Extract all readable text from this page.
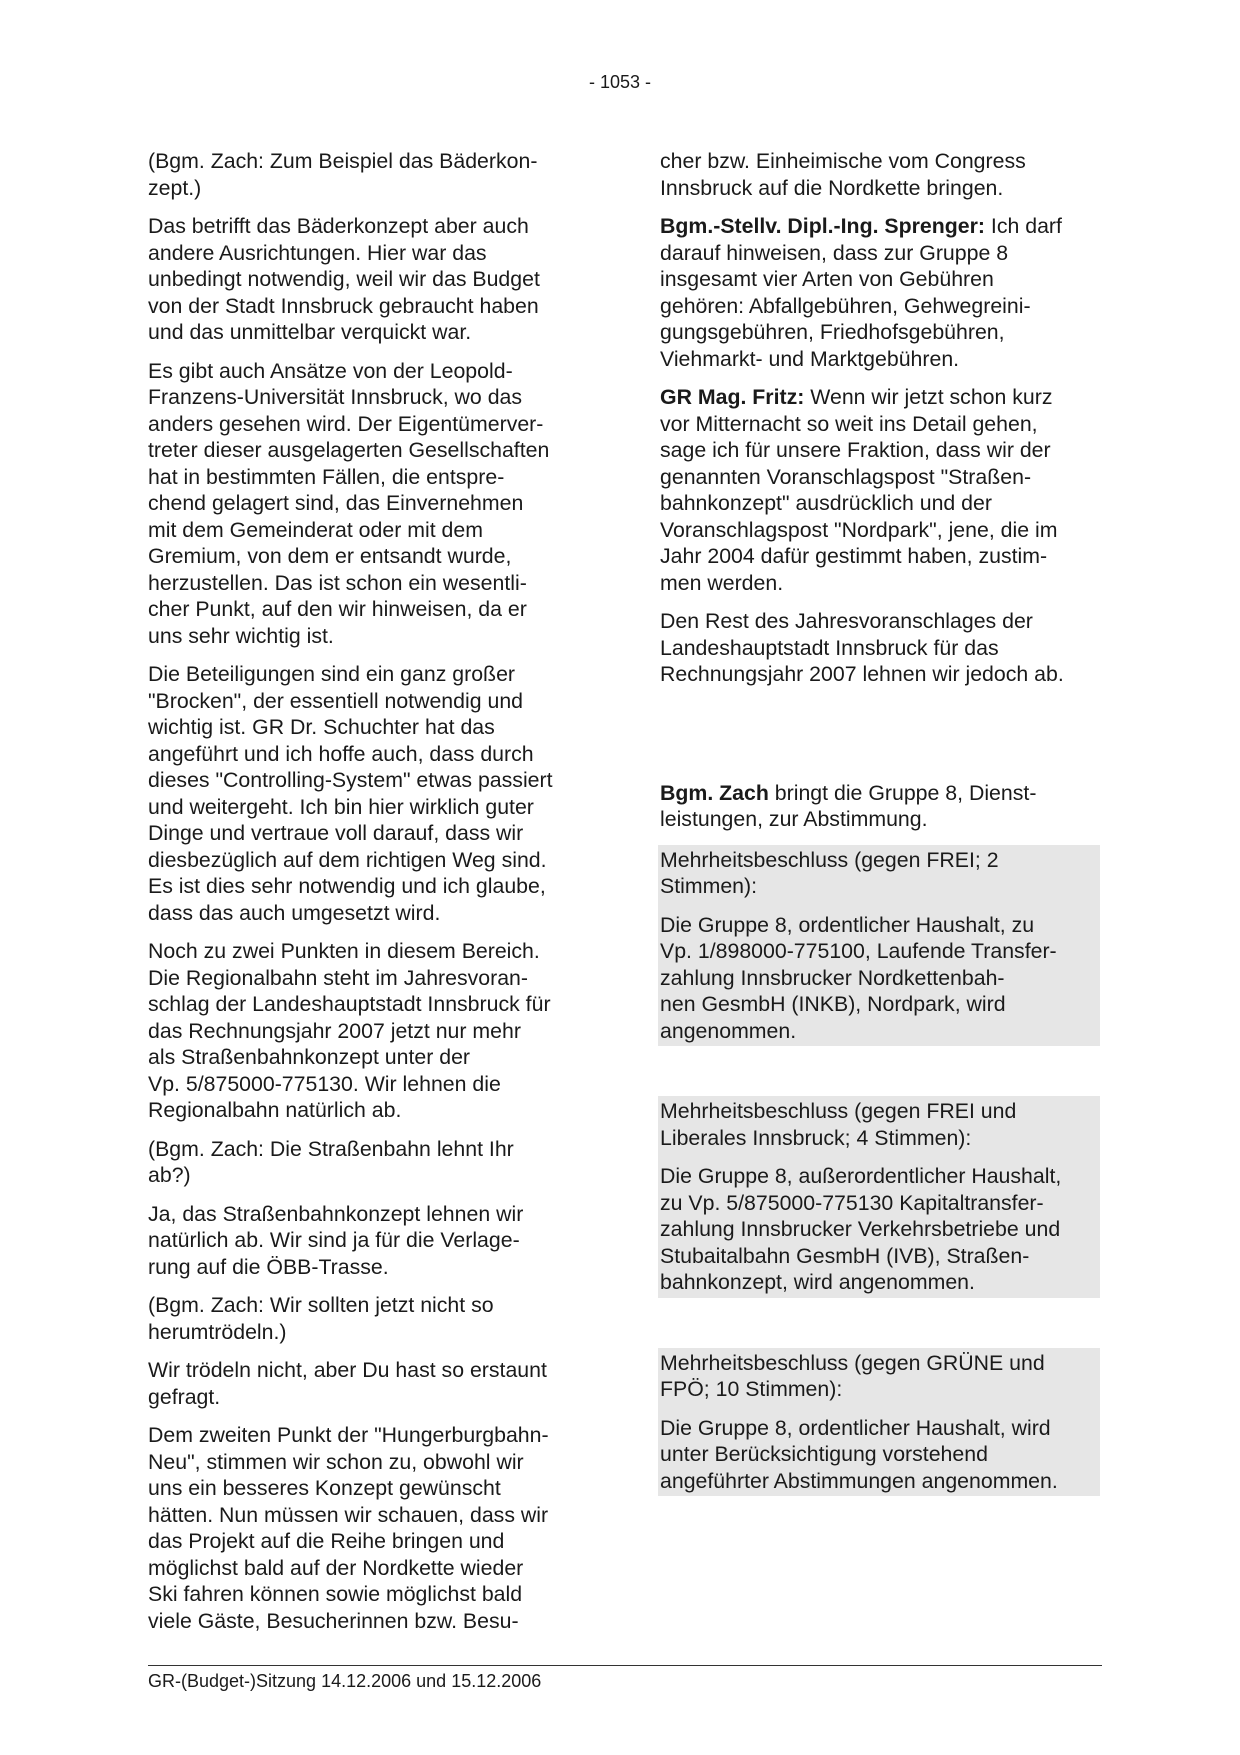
- 1053 -

(Bgm. Zach: Zum Beispiel das Bäderkon-
zept.)

Das betrifft das Bäderkonzept aber auch
andere Ausrichtungen. Hier war das
unbedingt notwendig, weil wir das Budget
von der Stadt Innsbruck gebraucht haben
und das unmittelbar verquickt war.

Es gibt auch Ansätze von der Leopold-
Franzens-Universität Innsbruck, wo das
anders gesehen wird. Der Eigentümerver-
treter dieser ausgelagerten Gesellschaften
hat in bestimmten Fällen, die entspre-
chend gelagert sind, das Einvernehmen
mit dem Gemeinderat oder mit dem
Gremium, von dem er entsandt wurde,
herzustellen. Das ist schon ein wesentli-
cher Punkt, auf den wir hinweisen, da er
uns sehr wichtig ist.

Die Beteiligungen sind ein ganz großer
"Brocken", der essentiell notwendig und
wichtig ist. GR Dr. Schuchter hat das
angeführt und ich hoffe auch, dass durch
dieses "Controlling-System" etwas passiert
und weitergeht. Ich bin hier wirklich guter
Dinge und vertraue voll darauf, dass wir
diesbezüglich auf dem richtigen Weg sind.
Es ist dies sehr notwendig und ich glaube,
dass das auch umgesetzt wird.

Noch zu zwei Punkten in diesem Bereich.
Die Regionalbahn steht im Jahresvoran-
schlag der Landeshauptstadt Innsbruck für
das Rechnungsjahr 2007 jetzt nur mehr
als Straßenbahnkonzept unter der
Vp. 5/875000-775130. Wir lehnen die
Regionalbahn natürlich ab.

(Bgm. Zach: Die Straßenbahn lehnt Ihr
ab?)

Ja, das Straßenbahnkonzept lehnen wir
natürlich ab. Wir sind ja für die Verlage-
rung auf die ÖBB-Trasse.

(Bgm. Zach: Wir sollten jetzt nicht so
herumtrödeln.)

Wir trödeln nicht, aber Du hast so erstaunt
gefragt.

Dem zweiten Punkt der "Hungerburgbahn-
Neu", stimmen wir schon zu, obwohl wir
uns ein besseres Konzept gewünscht
hätten. Nun müssen wir schauen, dass wir
das Projekt auf die Reihe bringen und
möglichst bald auf der Nordkette wieder
Ski fahren können sowie möglichst bald
viele Gäste, Besucherinnen bzw. Besu-

cher bzw. Einheimische vom Congress
Innsbruck auf die Nordkette bringen.

Bgm.-Stellv. Dipl.-Ing. Sprenger: Ich darf
darauf hinweisen, dass zur Gruppe 8
insgesamt vier Arten von Gebühren
gehören: Abfallgebühren, Gehwegreini-
gungsgebühren, Friedhofsgebühren,
Viehmarkt- und Marktgebühren.

GR Mag. Fritz: Wenn wir jetzt schon kurz
vor Mitternacht so weit ins Detail gehen,
sage ich für unsere Fraktion, dass wir der
genannten Voranschlagspost "Straßen-
bahnkonzept" ausdrücklich und der
Voranschlagspost "Nordpark", jene, die im
Jahr 2004 dafür gestimmt haben, zustim-
men werden.

Den Rest des Jahresvoranschlages der
Landeshauptstadt Innsbruck für das
Rechnungsjahr 2007 lehnen wir jedoch ab.

Bgm. Zach bringt die Gruppe 8, Dienst-
leistungen, zur Abstimmung.

Mehrheitsbeschluss (gegen FREI; 2
Stimmen):

Die Gruppe 8, ordentlicher Haushalt, zu
Vp. 1/898000-775100, Laufende Transfer-
zahlung Innsbrucker Nordkettenbah-
nen GesmbH (INKB), Nordpark, wird
angenommen.

Mehrheitsbeschluss (gegen FREI und
Liberales Innsbruck; 4 Stimmen):

Die Gruppe 8, außerordentlicher Haushalt,
zu Vp. 5/875000-775130 Kapitaltransfer-
zahlung Innsbrucker Verkehrsbetriebe und
Stubaitalbahn GesmbH (IVB), Straßen-
bahnkonzept, wird angenommen.

Mehrheitsbeschluss (gegen GRÜNE und
FPÖ; 10 Stimmen):

Die Gruppe 8, ordentlicher Haushalt, wird
unter Berücksichtigung vorstehend
angeführter Abstimmungen angenommen.

GR-(Budget-)Sitzung 14.12.2006 und 15.12.2006
